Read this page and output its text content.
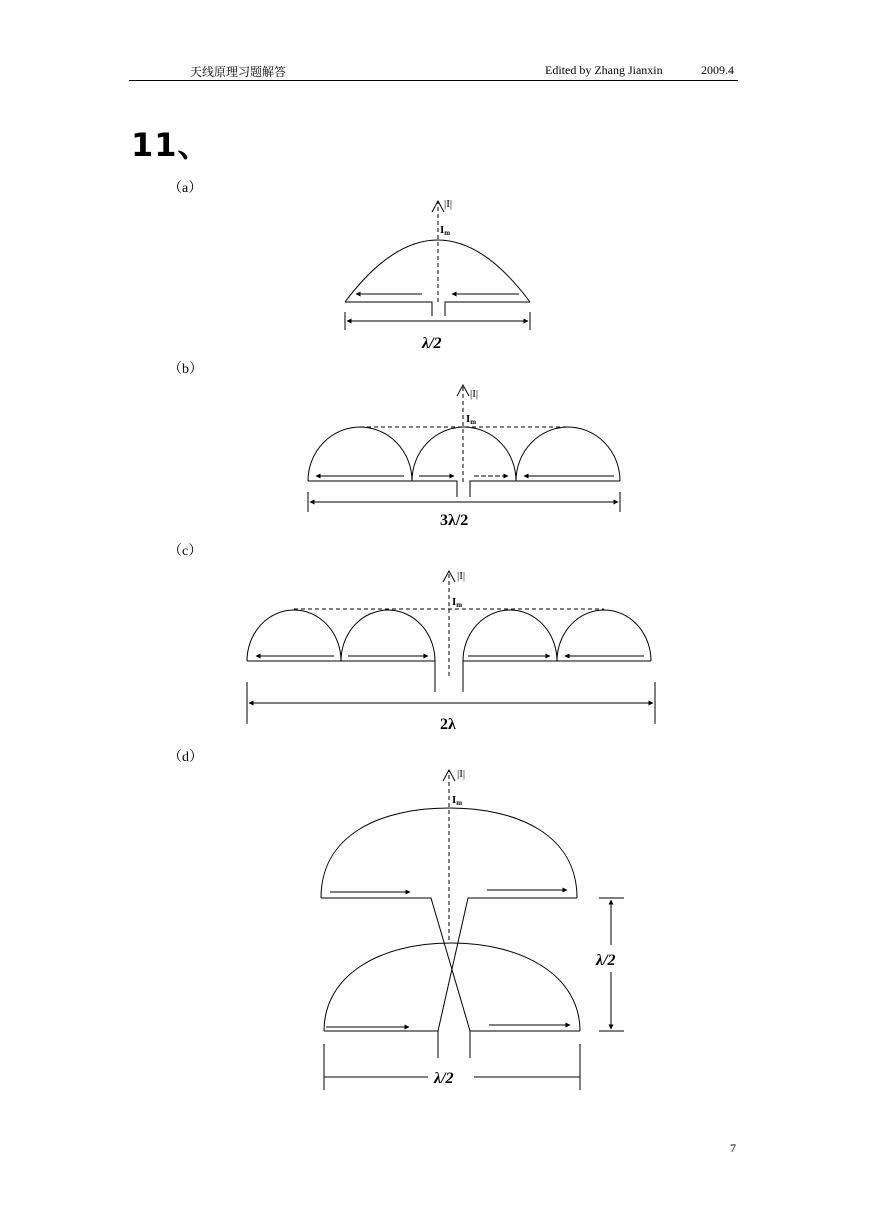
天线原理习题解答	Edited by Zhang Jianxin	2009.4
11、
（a）
（b）
（c）
（d）
|I|
Im
λ/2
|I|
Im
3λ/2
|I|
Im
2λ
|I|
Im
λ/2
λ/2
7
